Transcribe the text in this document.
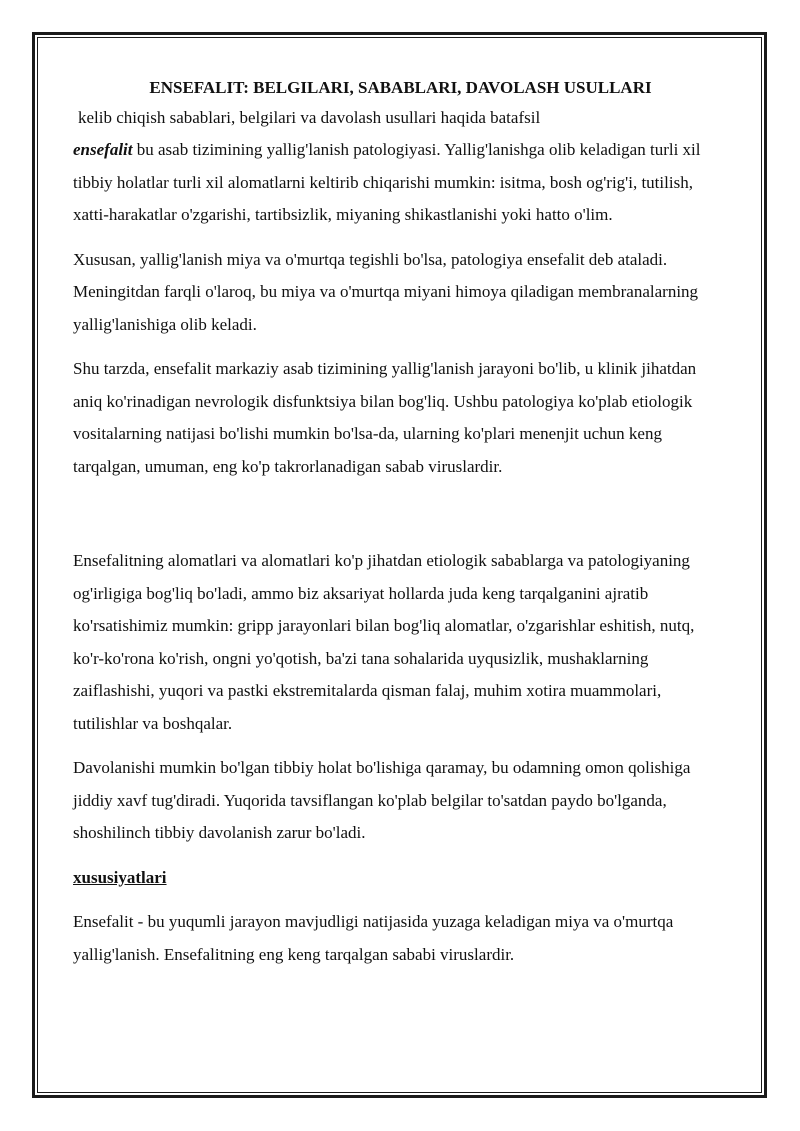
ENSEFALIT: BELGILARI, SABABLARI, DAVOLASH USULLARI

kelib chiqish sabablari, belgilari va davolash usullari haqida batafsil

ensefalit bu asab tizimining yallig'lanish patologiyasi. Yallig'lanishga olib keladigan turli xil tibbiy holatlar turli xil alomatlarni keltirib chiqarishi mumkin: isitma, bosh og'rig'i, tutilish, xatti-harakatlar o'zgarishi, tartibsizlik, miyaning shikastlanishi yoki hatto o'lim.

Xususan, yallig'lanish miya va o'murtqa tegishli bo'lsa, patologiya ensefalit deb ataladi. Meningitdan farqli o'laroq, bu miya va o'murtqa miyani himoya qiladigan membranalarning yallig'lanishiga olib keladi.

Shu tarzda, ensefalit markaziy asab tizimining yallig'lanish jarayoni bo'lib, u klinik jihatdan aniq ko'rinadigan nevrologik disfunktsiya bilan bog'liq. Ushbu patologiya ko'plab etiologik vositalarning natijasi bo'lishi mumkin bo'lsa-da, ularning ko'plari menenjit uchun keng tarqalgan, umuman, eng ko'p takrorlanadigan sabab viruslardir.

Ensefalitning alomatlari va alomatlari ko'p jihatdan etiologik sabablarga va patologiyaning og'irligiga bog'liq bo'ladi, ammo biz aksariyat hollarda juda keng tarqalganini ajratib ko'rsatishimiz mumkin: gripp jarayonlari bilan bog'liq alomatlar, o'zgarishlar eshitish, nutq, ko'r-ko'rona ko'rish, ongni yo'qotish, ba'zi tana sohalarida uyqusizlik, mushaklarning zaiflashishi, yuqori va pastki ekstremitalarda qisman falaj, muhim xotira muammolari, tutilishlar va boshqalar.

Davolanishi mumkin bo'lgan tibbiy holat bo'lishiga qaramay, bu odamning omon qolishiga jiddiy xavf tug'diradi. Yuqorida tavsiflangan ko'plab belgilar to'satdan paydo bo'lganda, shoshilinch tibbiy davolanish zarur bo'ladi.

xususiyatlari

Ensefalit - bu yuqumli jarayon mavjudligi natijasida yuzaga keladigan miya va o'murtqa yallig'lanish. Ensefalitning eng keng tarqalgan sababi viruslardir.
